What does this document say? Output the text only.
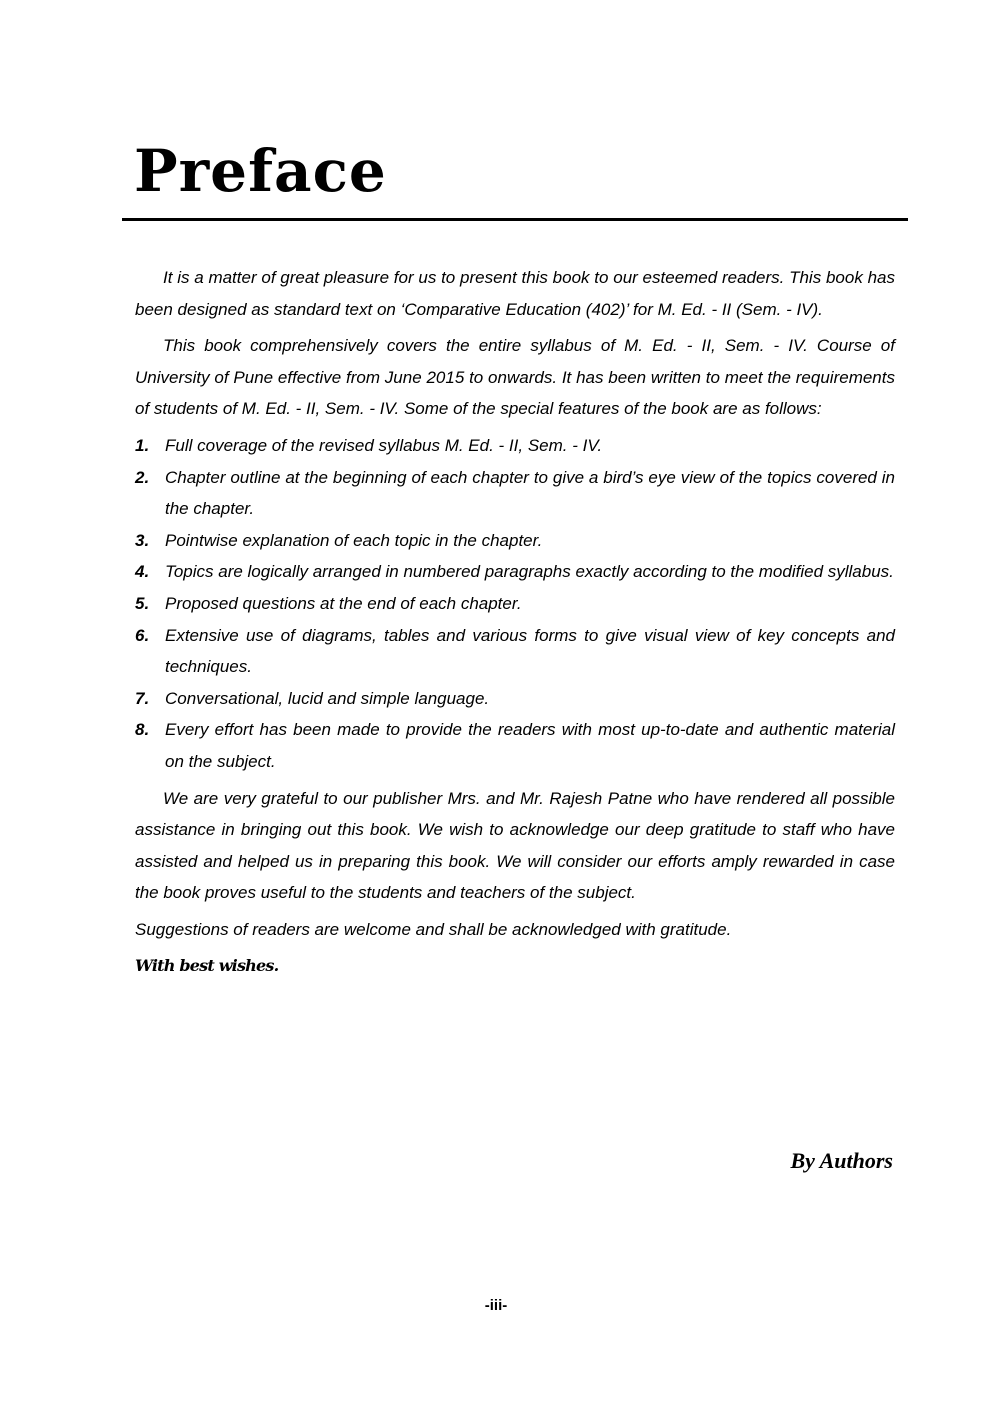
Preface

It is a matter of great pleasure for us to present this book to our esteemed readers. This book has been designed as standard text on ‘Comparative Education (402)’ for M. Ed. - II (Sem. - IV).

This book comprehensively covers the entire syllabus of M. Ed. - II, Sem. - IV. Course of University of Pune effective from June 2015 to onwards. It has been written to meet the requirements of students of M. Ed. - II, Sem. - IV. Some of the special features of the book are as follows:

1. Full coverage of the revised syllabus M. Ed. - II, Sem. - IV.
2. Chapter outline at the beginning of each chapter to give a bird’s eye view of the topics covered in the chapter.
3. Pointwise explanation of each topic in the chapter.
4. Topics are logically arranged in numbered paragraphs exactly according to the modified syllabus.
5. Proposed questions at the end of each chapter.
6. Extensive use of diagrams, tables and various forms to give visual view of key concepts and techniques.
7. Conversational, lucid and simple language.
8. Every effort has been made to provide the readers with most up-to-date and authentic material on the subject.

We are very grateful to our publisher Mrs. and Mr. Rajesh Patne who have rendered all possible assistance in bringing out this book. We wish to acknowledge our deep gratitude to staff who have assisted and helped us in preparing this book. We will consider our efforts amply rewarded in case the book proves useful to the students and teachers of the subject.

Suggestions of readers are welcome and shall be acknowledged with gratitude.

With best wishes.

By Authors

-iii-
